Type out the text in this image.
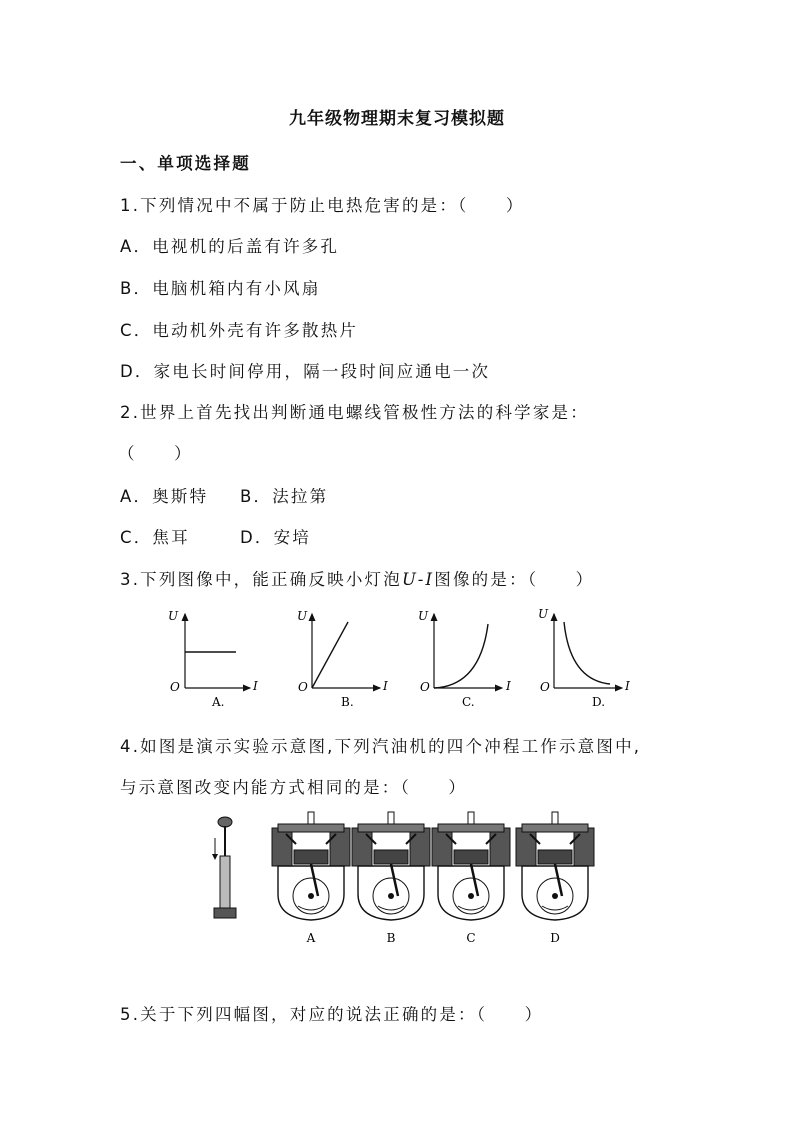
九年级物理期末复习模拟题
一、单项选择题
1.下列情况中不属于防止电热危害的是：（　　）
A．电视机的后盖有许多孔
B．电脑机箱内有小风扇
C．电动机外壳有许多散热片
D．家电长时间停用，隔一段时间应通电一次
2.世界上首先找出判断通电螺线管极性方法的科学家是：
（　　）
A．奥斯特 B．法拉第
C．焦耳	D．安培
3.下列图像中，能正确反映小灯泡U-I图像的是：（　　）
U
I
O
A.
U
I
O
B.
U
I
O
C.
U
I
O
D.
4.如图是演示实验示意图,下列汽油机的四个冲程工作示意图中,
与示意图改变内能方式相同的是：（　　）
A	B	C	D
5.关于下列四幅图，对应的说法正确的是：（　　）
